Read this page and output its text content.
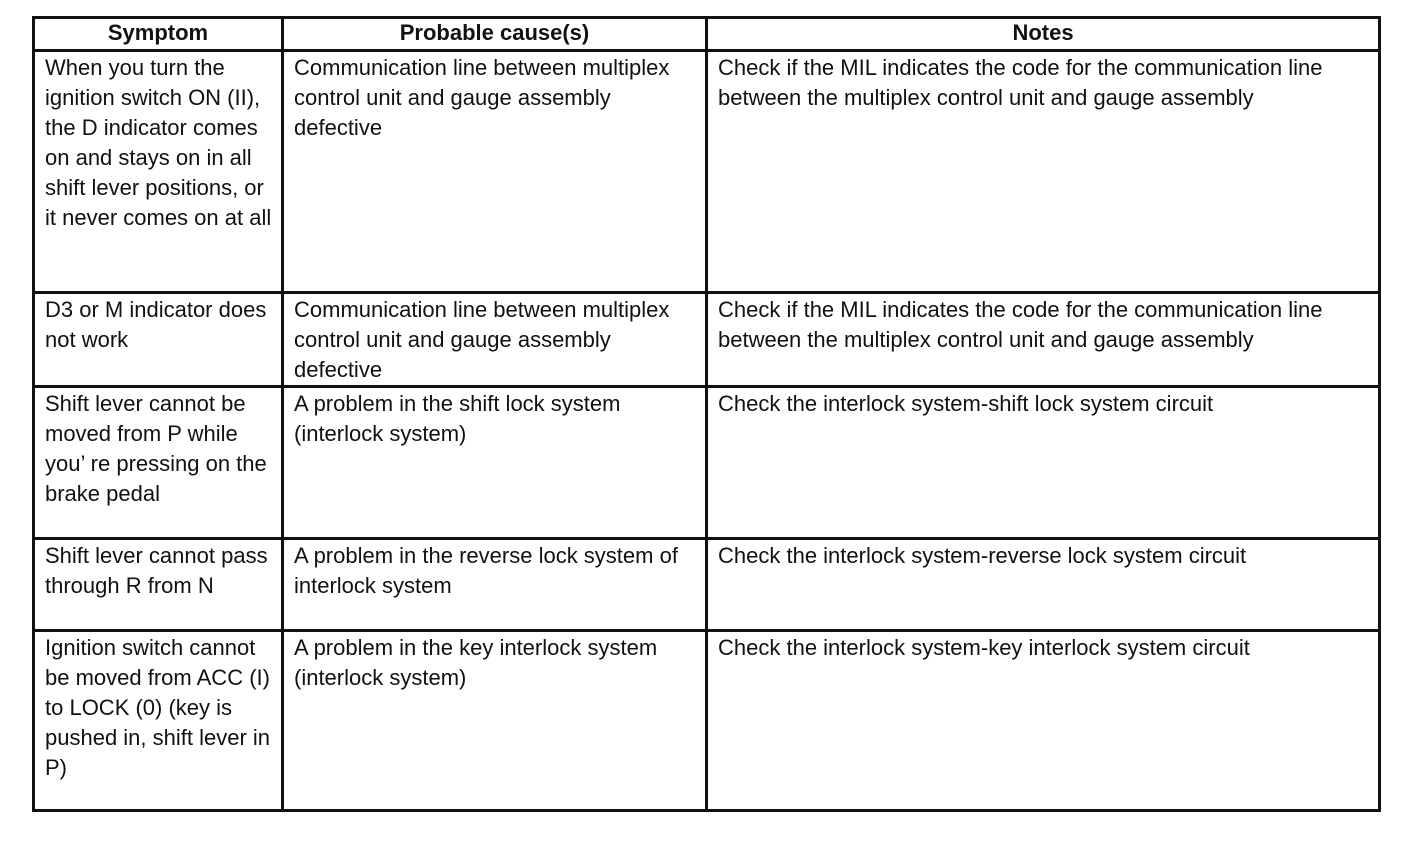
Symptom	Probable cause(s)	Notes
When you turn the ignition switch ON (II), the D indicator comes on and stays on in all shift lever positions, or it never comes on at all	Communication line between multiplex control unit and gauge assembly defective	Check if the MIL indicates the code for the communication line between the multiplex control unit and gauge assembly
D3 or M indicator does not work	Communication line between multiplex control unit and gauge assembly defective	Check if the MIL indicates the code for the communication line between the multiplex control unit and gauge assembly
Shift lever cannot be moved from P while you’ re pressing on the brake pedal	A problem in the shift lock system (interlock system)	Check the interlock system-shift lock system circuit
Shift lever cannot pass through R from N	A problem in the reverse lock system of interlock system	Check the interlock system-reverse lock system circuit
Ignition switch cannot be moved from ACC (I) to LOCK (0) (key is pushed in, shift lever in P)	A problem in the key interlock system (interlock system)	Check the interlock system-key interlock system circuit
